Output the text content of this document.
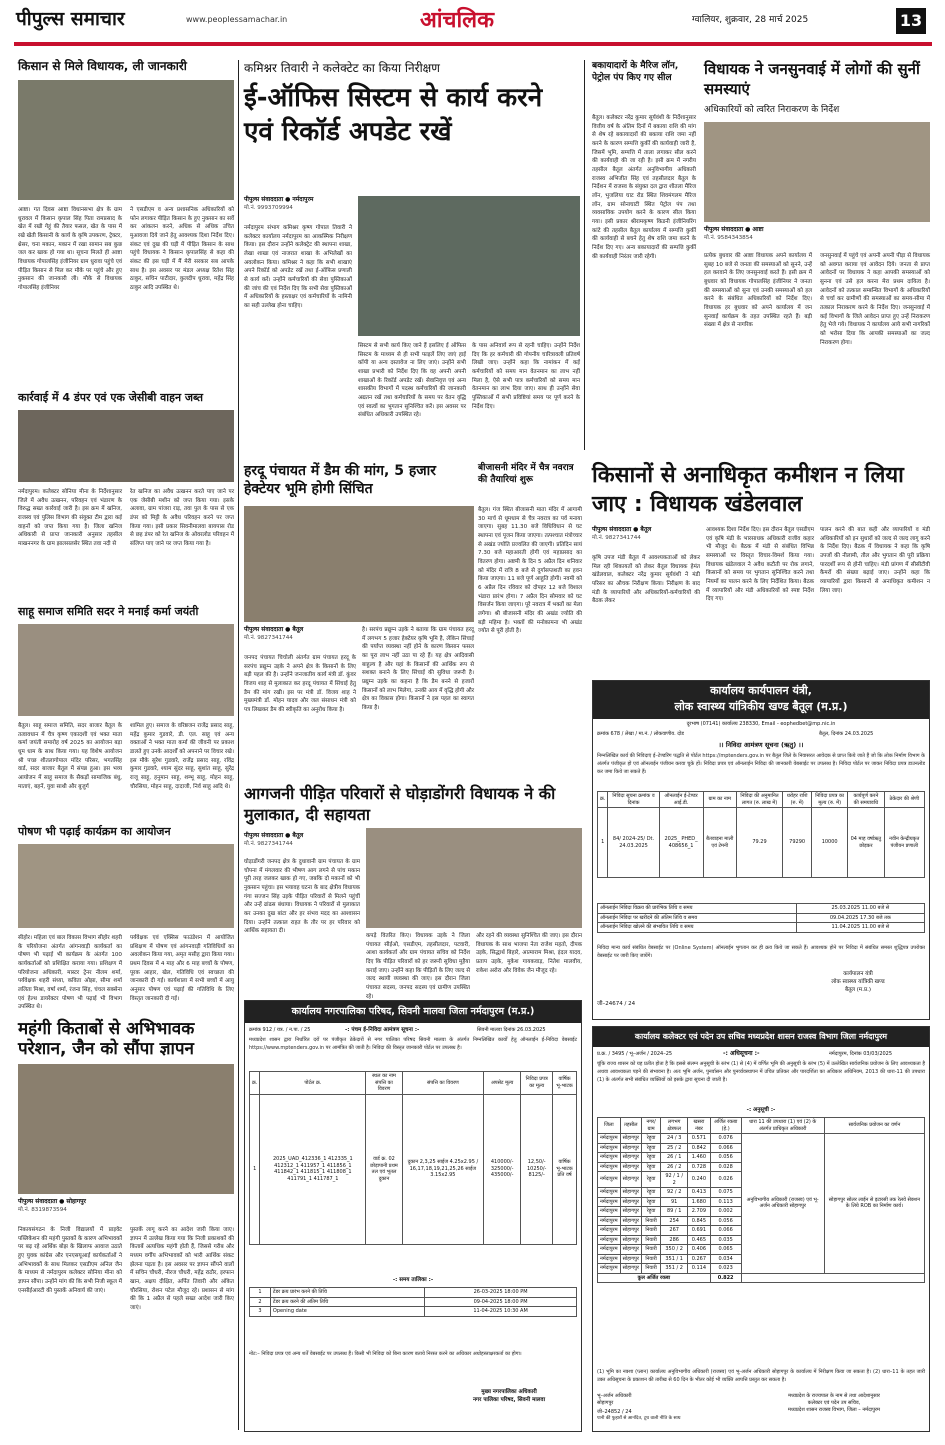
पीपुल्स समाचार	www.peoplessamachar.in	आंचलिक	ग्वालियर, शुक्रवार, 28 मार्च 2025	13
किसान से मिले विधायक, ली जानकारी
आष्टा। गत दिवस आष्टा विधानसभा क्षेत्र के ग्राम धुरावल में किसान कृपाल सिंह पिता रामप्रसाद के खेत में रखी गेहूं की तैयार फसल, खेत के पास में रखे खेती किसानी के कार्य के कृषि उपकरण, ट्रेक्टर, थ्रेसर, चना मकान, मकान में रखा सामान सब कुछ जल कर खाक हो गया था। सूचना मिलते ही आष्टा विधायक गोपालसिंह इंजीनियर ग्राम धुरावा पहुंचे एवं पीड़ित किसान से मिल कर मौके पर पहुंचे और हुए नुकसान की जानकारी ली। मौके से विधायक गोपालसिंह इंजीनियर
ने एसडीएम व अन्य प्रशासनिक अधिकारियों को फोन लगाकर पीड़ित किसान के हुए नुकसान का सर्वे कर आंकलन करने, अधिक से अधिक उचित मुआवजा दिये जाने हेतु आवश्यक दिशा निर्देश दिए। संकट एवं दुख की घड़ी में पीड़ित किसान के साथ पहुंचे विधायक ने किसान कृपालसिंह से कहा की संकट की इस घड़ी में मैं मेरी सरकार सब आपके साथ है। इस अवसर पर मंडल अध्यक्ष रितेश सिंह ठाकुर, सचिन पाटीदार, कुलदीप धुरावा, महेंद्र सिंह ठाकुर आदि उपस्थित थे।
कार्रवाई में 4 डंपर एवं एक जेसीबी वाहन जब्त
नर्मदापुरम। कलेक्टर सोनिया मीना के निर्देशानुसार जिले में अवैध उत्खनन, परिवहन एवं भंडारण के विरुद्ध सख्त कार्रवाई जारी है। इस क्रम में खनिज, राजस्व एवं पुलिस विभाग की संयुक्त टीम द्वारा कई वाहनों को जप्त किया गया है। जिला खनिज अधिकारी से प्राप्त जानकारी अनुसार तहसील माखननगर के ग्राम झालसलसेर स्थित तवा नदी से
रेत खनिज का अवैध उत्खनन करते पाए जाने पर एक जेसीबी मशीन को जप्त किया गया। इसके अलावा, ग्राम पांजरा राड़, तवा पुल के पास से एक डंपर को मिट्टी के अवैध परिवहन करने पर जप्त किया गया। इसी प्रकार सिवनीमालवा बायपास रोड से छह डंपर को रेत खनिज के ओवरलोड परिवहन में संलिप्त पाए जाने पर जप्त किया गया है।
साहू समाज समिति सदर ने मनाई कर्मा जयंती
बैतूल। साहू समाज समिति, सदर बाजार बैतूल के तत्वावधान में चैत्र कृष्ण एकादशी एवं भक्त माता कर्मा जयंती समारोह वर्ष 2025 का आयोजन बड़ा धूम धाम के साथ किया गया। यह विशेष आयोजन श्री पच्छ शीतलागोपाल मंदिर परिसर, भगतसिंह वार्ड, सदर बाजार बैतूल में संपन्न हुआ। इस भव्य आयोजन में साहू समाज के सैकड़ों सामाजिक बंधु, माताएं, बहनें, युवा साथी और बुजुर्ग
शामिल हुए। समाज के वरिष्ठजन राजेंद्र प्रसाद साहू, महेंद्र कुमार गुडवारे, डी. एल. साहू एवं अन्य वक्ताओं ने भक्त माता कर्मा की जीवनी पर प्रकाश डालते हुए उनके आदर्शों को अपनाने पर विचार रखे। इस मौके सुरेश गुडवारे, राजेंद्र प्रसाद साहू, रविंद्र कुमार गुडवारे, श्याम सुंदर साहू, सुशांत साहू, सुरेंद्र राजू साहू, हनुमान साहू, शम्भू साहू, मोहन साहू, चौरसिया, मोहन साहू, दादाजी, निर्व साहू आदि थे।
पोषण भी पढ़ाई कार्यक्रम का आयोजन
सीहोर। महिला एवं बाल विकास विभाग सीहोर शहरी के परियोजना अंतर्गत आंगनवाड़ी कार्यकर्ता का पोषण भी पढ़ाई भी कार्यक्रम के अंतर्गत 100 कार्यकर्ताओं को प्रशिक्षित कराया गया। प्रशिक्षण में परियोजना अधिकारी, मास्टर ट्रेनर नीलम शर्मा, पर्यवेक्षक शहरी संध्या, कविता ओझा, सीमा शर्मा ललिता मिश्रा, वर्षा शर्मा, रंजना सिंह, चंचल सक्सेना एवं हेल्थ डायरेक्टर पोषण भी पढ़ाई भी विभाग उपस्थित थे।
पर्यवेक्षक एवं एक्सिस फाउंडेशन में आयोजित प्रशिक्षण में पोषण एवं आंगनवाड़ी गतिविधियों का अवलोकन किया गया, अमृत मसीह द्वारा किया गया। प्रथम दिवस में 4 माह और 6 माह बच्चों के पोषण, पूरक आहार, खेल, गतिविधि एवं स्वच्छता की जानकारी दी गई। कार्यशाला में सभी बच्चों में आयु अनुसार पोषण एवं पढ़ाई की गतिविधि के लिए विस्तृत जानकारी दी गई।
महंगी किताबों से अभिभावक परेशान, जैन को सौंपा ज्ञापन
पीपुल्स संवाददाता ● सोहागपुर
मो.नं. 8319873594
निकायसंगठन के निजी विद्यालयों में प्राइवेट पब्लिकेशन की महंगी पुस्तकों के कारण अभिभावकों पर बढ़ रहे आर्थिक बोझ के खिलाफ आवाज उठाते हुए युवक कांग्रेस और एनएसयूआई कार्यकर्ताओं ने अभिभावकों के साथ मिलकर एसडीएम अनिल जैन के माध्यम से नर्मदापुरम कलेक्टर सोनिया मीना को ज्ञापन सौंपा। उन्होंने मांग की कि सभी निजी स्कूल में एनसीईआरटी की पुस्तकें अनिवार्य की जाएं।
पुस्तकें लागू करने का आदेश जारी किया जाए। ज्ञापन में उल्लेख किया गया कि निजी प्रकाशकों की किताबें अत्यधिक महंगी होती हैं, जिससे गरीब और मध्यम वर्गीय अभिभावकों को भारी आर्थिक संकट झेलना पड़ता है। इस अवसर पर ज्ञापन सौंपने वालों में सचिन चौधरी, नीरज चौधरी, महेंद्र राठौर, इरफान खान, अक्षय दीक्षित, अर्पित तिवारी और अंकित चौरसिया, रोशन पटेल मौजूद रहे। प्रशासन से मांग की कि 1 अप्रैल से पहले सख्त आदेश जारी किए जाएं।
कमिश्नर तिवारी ने कलेक्टेट का किया निरीक्षण
ई-ऑफिस सिस्टम से कार्य करने एवं रिकॉर्ड अपडेट रखें
पीपुल्स संवाददाता ● नर्मदापुरम
मो.नं. 9993709994
नर्मदापुरम संभाग कमिश्नर कृष्ण गोपाल तिवारी ने कलेक्टर कार्यालय नर्मदापुरम का आकस्मिक निरीक्षण किया। इस दौरान उन्होंने कलेक्ट्रेट की स्थापना शाखा, लेखा शाखा एवं नाजरात शाखा के अभिलेखों का अवलोकन किया। कमिश्नर ने कहा कि सभी शाखाएं अपने रिकॉर्ड को अपडेट रखें तथा ई-ऑफिस प्रणाली से कार्य करें। उन्होंने कर्मचारियों की सेवा पुस्तिकाओं की जांच की एवं निर्देश दिए कि सभी सेवा पुस्तिकाओं में अधिकारियों के हस्ताक्षर एवं कर्मचारियों के नामिनी का सही उल्लेख होना चाहिए।
सिस्टम से सभी कार्य किए जाने हैं इसलिए ई ऑफिस सिस्टम के माध्यम से ही सभी फाइलें लिए जाएं हाई कॉपी या अन्य दस्तावेज ना लिए जाएं। उन्होंने सभी शाखा प्रभारी को निर्देश दिए कि वह अपनी अपनी शाखाओं के रिकॉर्ड अपडेट रखें। सेवानिवृत्त एवं अन्य शासकीय विभागों में पदस्थ कर्मचारियों की जानकारी अद्यतन रखें तथा कर्मचारियों के समय पर वेतन वृद्धि एवं स्वत्वों का भुगतान सुनिश्चित करें। इस अवसर पर संबंधित अधिकारी उपस्थित रहे।
के पास अनिवार्य रूप से रहनी चाहिए। उन्होंने निर्देश दिए कि हर कर्मचारी की गोपनीय चारित्रावली प्रतिवर्ष लिखी जाए। उन्होंने कहा कि नामांकन में कई कर्मचारियों को समय मान वेतनमान का लाभ नहीं मिला है, ऐसे सभी पात्र कर्मचारियों को समय मान वेतनमान का लाभ दिया जाए। साथ ही उन्होंने सेवा पुस्तिकाओं में सभी प्रविष्टियां समय पर पूर्ण करने के निर्देश दिए।
हरदू पंचायत में डैम की मांग, 5 हजार हेक्टेयर भूमि होगी सिंचित
पीपुल्स संवाददाता ● बैतूल
मो.नं. 9827341744
जनपद पंचायत चिचोली अंतर्गत ग्राम पंचायत हरदू के सरपंच प्रद्युम्न उइके ने अपने क्षेत्र के किसानों के लिए बड़ी पहल की है। उन्होंने जनजातीय कार्य मंत्री डॉ. कुंवर विजय शाह से मुलाकात कर हरदू पंचायत में सिंचाई हेतु डैम की मांग रखी। इस पर मंत्री डॉ. विजय शाह ने मुख्यमंत्री डॉ. मोहन यादव और जल संसाधन मंत्री को पत्र लिखकर डैम की स्वीकृति का अनुरोध किया है।
है। सरपंच प्रद्युम्न उइके ने बताया कि ग्राम पंचायत हरदू में लगभग 5 हजार हेक्टेयर कृषि भूमि है, लेकिन सिंचाई की पर्याप्त व्यवस्था नहीं होने के कारण किसान फसल का पूरा लाभ नहीं उठा पा रहे हैं। यह क्षेत्र आदिवासी बाहुल्य है और यहां के किसानों की आर्थिक रूप से सशक्त बनाने के लिए सिंचाई की सुविधा जरूरी है। प्रद्युम्न उइके का कहना है कि डैम बनने से हजारों किसानों को लाभ मिलेगा, उनकी आय में वृद्धि होगी और क्षेत्र का विकास होगा। किसानों ने इस पहल का स्वागत किया है।
बीजासनी मंदिर में चैत्र नवरात्र की तैयारियां शुरू
बैतूल। गंज स्थित बीजासनी माता मंदिर में आगामी 30 मार्च से धूमधाम से चैत्र नवरात्र का पर्व मनाया जाएगा। सुबह 11.30 बजे विधिविधान से घट स्थापना एवं पूजन किया जाएगा। तत्पश्चात मंत्रोच्चार से अखंड ज्योति प्रज्वलित की जाएगी। प्रतिदिन सायं 7.30 बजे महाआरती होगी एवं महाप्रसाद का वितरण होगा। अष्टमी के दिन 5 अप्रैल दिन शनिवार को मंदिर में रात्रि 8 बजे से दुर्गासप्तशती का हवन किया जाएगा। 11 बजे पूर्ण आहुति होगी। नवमी को 6 अप्रैल दिन रविवार को दोपहर 12 बजे विशाल भंडारा प्रारंभ होगा। 7 अप्रैल दिन सोमवार को घट विसर्जन किया जाएगा। पूरे नवरात्र में भक्तों का मेला लगेगा। श्री बीजासनी मंदिर की अखंड ज्योति की बड़ी महिमा है। भक्तों की मनोकामना भी अखंड ज्योत से पूरी होती है।
आगजनी पीड़ित परिवारों से घोड़ाडोंगरी विधायक ने की मुलाकात, दी सहायता
पीपुल्स संवाददाता ● बैतूल
मो.नं. 9827341744
घोड़ाडोंगरी जनपद क्षेत्र के दुधावानी ग्राम पंचायत के ग्राम चोपना में मंगलवार की भीषण आग लगने से पांच मकान पूरी तरह जलकर खाक हो गए, जबकि दो मकानों को भी नुकसान पहुंचा। इस भयावह घटना के बाद क्षेत्रीय विधायक गंगा सज्जन सिंह उइके पीड़ित परिवारों से मिलने पहुंचीं और उन्हें ढांढस बंधाया। विधायक ने परिवारों से मुलाकात कर उनका दुख बांटा और हर संभव मदद का आश्वासन दिया। उन्होंने तत्काल राहत के तौर पर हर परिवार को आर्थिक सहायता दी।
कपड़े वितरित किए। विधायक उइके ने जिला पंचायत सीईओ, एसडीएम, तहसीलदार, पटवारी, आशा कार्यकर्ता और ग्राम पंचायत सचिव को निर्देश दिए कि पीड़ित परिवारों को हर जरूरी सुविधा मुहैया कराई जाए। उन्होंने कहा कि पीड़ितों के लिए जल्द से जल्द स्थायी व्यवस्था की जाए। इस दौरान जिला पंचायत सदस्य, जनपद सदस्य एवं ग्रामीण उपस्थित रहे।
और रहने की व्यवस्था सुनिश्चित की जाए। इस दौरान विधायक के साथ भाजपा नेता राजेश महतो, दीपक उइके, सिद्धार्थ बिहारे, आत्माराम मिश्रा, इंदल यादव, प्रताप उइके, मुकेश गायकवाड़, नितेश मालवीय, राकेश अरोरा और विवेक जैन मौजूद रहे।
बकायादारों के मैरिज लॉन, पेट्रोल पंप किए गए सील
बैतूल। कलेक्टर नरेंद्र कुमार सूर्यवंशी के निर्देशानुसार वित्तीय वर्ष के अंतिम दिनों में बकाया राशि की मांग से शेष रहे बकायादारों की बकाया राशि जमा नहीं करने के कारण सम्पत्ति कुर्की की कार्यवाही जारी है, जिसमें भूमि, सम्पत्ति में ताला लगाकर सील करने की कार्यवाही की जा रही है। इसी क्रम में नगरीय तहसील बैतूल अंतर्गत अनुविभागीय अधिकारी राजस्व अभिजीत सिंह एवं तहसीलदार बैतूल के निर्देशन में राजस्व के संयुक्त दल द्वारा शीतला मैरिज लॉन, भुजलिया घाट रोड स्थित शिवमंगलम मैरिज लॉन, ग्राम सोनाघाटी स्थित पेट्रोल पंप तथा व्यवसायिक उपयोग करने के कारण सील किया गया। इसी प्रकार श्रीरामकृष्ण किडनी इंजीनियरिंग कांटे की तहसील बैतूल कार्यालय में सम्पत्ति कुर्की की कार्यवाही से बचने हेतु शेष राशि जमा करने के निर्देश दिए गए। अन्य बकायादारों की सम्पत्ति कुर्की की कार्यवाही निरंतर जारी रहेगी।
विधायक ने जनसुनवाई में लोगों की सुनीं समस्याएं
अधिकारियों को त्वरित निराकरण के निर्देश
पीपुल्स संवाददाता ● आष्टा
मो.नं. 9584343854
प्रत्येक बुधवार की आष्टा विधायक अपने कार्यालय में सुबह 10 बजे से जनता की समस्याओं को सुनने, उन्हें हल करवाने के लिए जनसुनवाई करते हैं। इसी क्रम में बुधवार को विधायक गोपालसिंह इंजीनियर ने जनता की समस्याओं को सुना एवं उनकी समस्याओं को हल करने के संबंधित अधिकारियों को निर्देश दिए। विधायक हर बुधवार को अपने कार्यालय में जन सुनवाई कार्यक्रम के तहत उपस्थित रहते हैं। बड़ी संख्या में क्षेत्र से नागरिक
जनसुनवाई में पहुंचे एवं अपनी अपनी पीड़ा से विधायक को अवगत कराया एवं आवेदन दिये। जनता से प्राप्त आवेदनों पर विधायक ने कहा आपकी समस्याओं को सुनना एवं उसे हल करना मेरा प्रथम दायित्व है। आवेदनों को तत्काल सम्बन्धित विभागों के अधिकारियों से चर्चा कर ग्रामीणों की समस्याओं का समय-सीमा में तत्काल निराकरण करने के निर्देश दिए। जनसुनवाई में कई विभागों के जिले आवेदन प्राप्त हुए उन्हें निराकरण हेतु भेजे गये। विधायक ने कार्यालय आये सभी नागरिकों को भरोसा दिया कि आपकी समस्याओं का जल्द निराकरण होगा।
किसानों से अनाधिकृत कमीशन न लिया जाए : विधायक खंडेलवाल
पीपुल्स संवाददाता ● बैतूल
मो.नं. 9827341744
कृषि उपज मंडी बैतूल में आवश्यकताओं को लेकर मिल रही शिकायतों को लेकर बैतूल विधायक हेमंत खंडेलवाल, कलेक्टर नरेंद्र कुमार सूर्यवंशी ने मंडी परिसर का औचक निरीक्षण किया। निरीक्षण के बाद मंडी के व्यापारियों और अधिकारियों-कर्मचारियों की बैठक लेकर
आवश्यक दिशा निर्देश दिए। इस दौरान बैतूल एसडीएम एवं कृषि मंडी के भारसाधक अधिकारी राजीव कहार भी मौजूद थे। बैठक में मंडी से संबंधित विभिन्न समस्याओं पर विस्तृत विचार-विमर्श किया गया। विधायक खंडेलवाल ने अवैध कटौती पर रोक लगाने, किसानों को समय पर भुगतान सुनिश्चित करने तथा नियमों का पालन करने के लिए निर्देशित किया। बैठक में व्यापारियों और मंडी अधिकारियों को स्पष्ट निर्देश दिए गए।
पालन करने की बात कही और व्यापारियों व मंडी अधिकारियों को इन सुधारों को जल्द से जल्द लागू करने के निर्देश दिए। बैठक में विधायक ने कहा कि कृषि उपजों की नीलामी, तौल और भुगतान की पूरी प्रक्रिया पारदर्शी रूप से होनी चाहिए। मंडी प्रांगण में सीसीटीवी कैमरों की संख्या बढ़ाई जाए। उन्होंने कहा कि व्यापारियों द्वारा किसानों से अनाधिकृत कमीशन न लिया जाए।
कार्यालय कार्यपालन यंत्री,
लोक स्वास्थ्य यांत्रिकीय खण्ड बैतूल (म.प्र.)
दूरभाष (07141) कार्यालय 238330, Email - eophedbet@mp.nic.in
क्रमांक 678 / लेखा / मा.नं. / लोकवाणीय. दोड	बैतूल, दिनांक 24.03.2025
।। निविदा आमंत्रण सूचना (ऋतु) ।।
निम्नलिखित कार्य की निविदाएं ई–टेण्डरिंग पद्धति से पोर्टल https://mptenders.gov.in पर बैतूल जिले के निवासरत आवेदक से प्राप्त किये जाते हैं जो कि लोक निर्माण विभाग के अंतर्गत पंजीकृत हो एवं ऑनलाईन पंजीयन करवा चुके हों। निविदा प्रपत्र एवं ऑनलाईन निविदा की जानकारी वेबसाईट पर उपलब्ध है। निविदा पोर्टल पर जाकर निविदा प्रपत्र डाउनलोड कर जमा किये जा सकते हैं।
क्र.	निविदा सूचना क्रमांक व दिनांक	ऑनलाईन ई-टेण्डर आई.डी.	ग्राम का नाम	निविदा की अनुमानित लागत (रु. लाख में)	धरोहर राशि (रु. में)	निविदा प्रपत्र का मूल्य (रु. में)	कार्यपूर्ण करने की समयावधि	ठेकेदार की श्रेणी
1	84/ 2024-25/ Dt. 24.03.2025	2025_ PHED_ 408656_1	बैतवाड़ना माली एवं टेमनी	79.29	79290	10000	04 माह वर्षाऋतु छोड़कर	नवीन केन्द्रीयकृत पंजीयन प्रणाली
ऑनलाईन निविदा विक्रय की प्रारंभिक तिथि व समय	25.03.2025 11.00 बजे से
ऑनलाईन निविदा पर खरीदने की अंतिम तिथि व समय	09.04.2025 17.30 बजे तक
ऑनलाईन निविदा खोलने की संभावित तिथि व समय	11.04.2025 11.00 बजे से
निविदा मान्य कार्य संबंधित वेबसाईट पर (Online System) ऑनलाईन भुगतान कर ही क्रय किये जा सकते हैं। आवश्यक होने पर निविदा में संबंधित समस्त शुद्धिपत्र उपरोक्त वेबसाईट पर जारी किए जायेंगे।
कार्यपालन यंत्री
लोक स्वास्थ्य यांत्रिकी खण्ड
बैतूल (म.प्र.)
जी–24674 / 24
कार्यालय नगरपालिका परिषद, सिवनी मालवा जिला नर्मदापुरम (म.प्र.)
क्रमांक 912 / यत्र. / न.पा. / 25	-: पंचम ई-निविदा आमंत्रण सूचना :-	सिवनी मालवा दिनांक 26.03.2025
मध्यप्रदेश शासन द्वारा निर्धारित दरों पर पंजीकृत ठेकेदारों से नगर पालिका परिषद सिवनी मालवा के अंतर्गत निम्नलिखित कार्यों हेतु ऑनलाईन ई-निविदा वेबसाईट https://www.mptenders.gov.in पर आमंत्रित की जाती है। निविदा की विस्तृत जानकारी पोर्टल पर उपलब्ध है।
क्र.	पोर्टल क्र.	स्थल का नाम संपत्ति का विवरण	संपत्ति का विवरण	अपसेट मूल्य	निविदा प्रपत्र का मूल्य	वार्षिक भू-भाटक
1	2025_UAD_412336_1 412335_1 412312_1 411957_1 411856_1 411842_1 411815_1 411808_1 411791_1 411787_1	वार्ड क्र. 02 छोड़ापानी प्रथम तल एवं भूतल दुकान	दुकान 2,3,25 साईज 4.25x2.95 / 16,17,18,19,21,25,26 साईज 3.15x2.95	410000/- 325000/- 435000/-	12,50/- 10250/- 8125/-	वार्षिक भू-भाटक प्रति वर्ष
-: समय तालिका :-
1	टेंडर क्रय प्रारंभ करने की तिथि	26-03-2025 18:00 PM
2	टेंडर क्रय करने की अंतिम तिथि	09-04-2025 18:00 PM
3	Opening date	11-04-2025 10:30 AM
नोट:– निविदा प्रपत्र एवं अन्य शर्तें वेबसाईट पर उपलब्ध हैं। किसी भी निविदा को बिना कारण बताये निरस्त करने का अधिकार अधोहस्ताक्षरकर्ता का होगा।
मुख्य नगरपालिका अधिकारी
नगर पालिका परिषद, सिवनी मालवा
कार्यालय कलेक्टर एवं पदेन उप सचिव मध्यप्रदेश शासन राजस्व विभाग जिला नर्मदापुरम
प्र.क्र. / 3495 / भू–अर्जन / 2024–25	-: अधिसूचना :-	नर्मदापुरम, दिनांक 03/03/2025
चूंकि राज्य शासन को यह प्रतीत होता है कि इससे संलग्न अनुसूची के स्तंभ (1) से (4) में वर्णित भूमि की अनुसूची के स्तंभ (5) में उल्लेखित सार्वजनिक प्रयोजन के लिए आवश्यकता है अथवा आवश्यकता पड़ने की संभावना है। अतः भूमि अर्जन, पुनर्वासन और पुनर्व्यवस्थापन में उचित प्रतिकर और पारदर्शिता का अधिकार अधिनियम, 2013 की धारा-11 की उपधारा (1) के अंतर्गत सभी संबंधित व्यक्तियों को इसके द्वारा सूचना दी जाती है।
-: अनुसूची :-
जिला	तहसील	नगर/ग्राम	लगभग क्षेत्रफल	खसरा नंबर	अर्जित रकबा (हे.)	धारा 11 की उपधारा (1) एवं (2) के अंतर्गत प्राधिकृत अधिकारी	सार्वजनिक प्रयोजन का वर्णन
नर्मदापुरम	सोहागपुर	रेहुवा	24 / 3	0.571	0.076	अनुविभागीय अधिकारी (राजस्व) एवं भू-अर्जन अधिकारी सोहागपुर	सोहागपुर सोलर लाईन से इटारसी तक रेलवे सेक्शन के लिये ROB का निर्माण कार्य।
नर्मदापुरम	सोहागपुर	रेहुवा	25 / 2	0.842	0.066		
नर्मदापुरम	सोहागपुर	रेहुवा	26 / 1	1.460	0.056		
नर्मदापुरम	सोहागपुर	रेहुवा	26 / 2	0.728	0.028		
नर्मदापुरम	सोहागपुर	रेहुवा	92 / 1 / 2	0.240	0.026		
नर्मदापुरम	सोहागपुर	रेहुवा	92 / 2	0.413	0.075		
नर्मदापुरम	सोहागपुर	रेहुवा	91	1.680	0.113		
नर्मदापुरम	सोहागपुर	रेहुवा	89 / 1	2.709	0.002		
नर्मदापुरम	सोहागपुर	निवारी	254	0.845	0.056		
नर्मदापुरम	सोहागपुर	निवारी	267	0.691	0.066		
नर्मदापुरम	सोहागपुर	निवारी	286	0.465	0.035		
नर्मदापुरम	सोहागपुर	निवारी	350 / 2	0.406	0.065		
नर्मदापुरम	सोहागपुर	निवारी	351 / 1	0.267	0.034		
नर्मदापुरम	सोहागपुर	निवारी	351 / 2	0.114	0.023		
कुल अर्जित रकबा					0.822		
(1) भूमि का नक्शा (प्लान) कार्यालय अनुविभागीय अधिकारी (राजस्व) एवं भू-अर्जन अधिकारी सोहागपुर के कार्यालय में निरीक्षण किया जा सकता है। (2) धारा–11 के तहत जारी उक्त अधिसूचना के प्रकाशन की तारीख से 60 दिन के भीतर कोई भी व्यक्ति आपत्ति प्रस्तुत कर सकता है।
भू–अर्जन अधिकारी
सोहागपुर
जी–24852 / 24
पानी की फुहारों से आनंदित, टूथ वाली नीति के साथ
मध्यप्रदेश के राज्यपाल के नाम से तथा आदेशानुसार
कलेक्टर एवं पदेन उप सचिव,
मध्यप्रदेश शासन राजस्व विभाग, जिला – नर्मदापुरम
